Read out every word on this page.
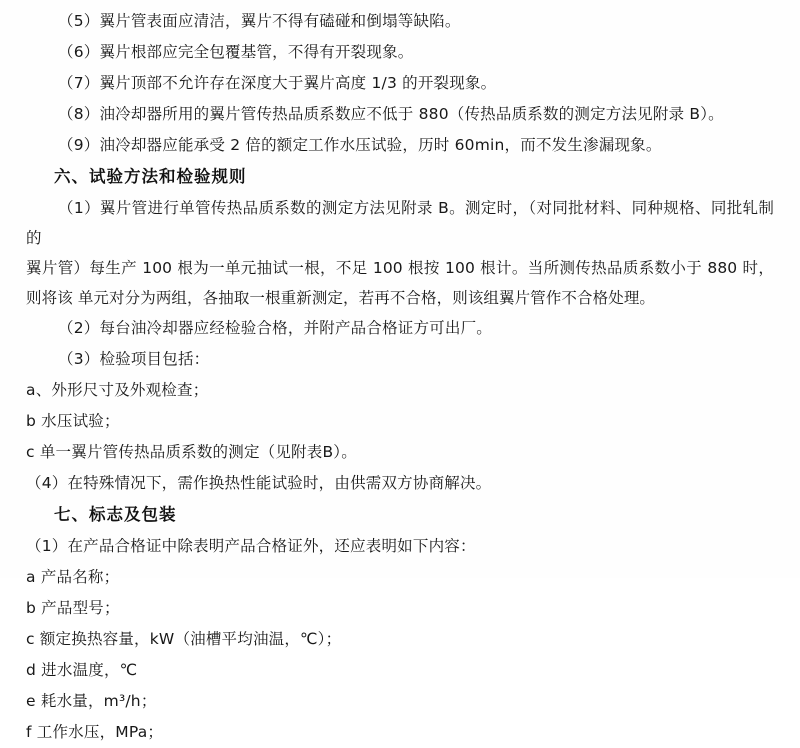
（5）翼片管表面应清洁，翼片不得有磕碰和倒塌等缺陷。
（6）翼片根部应完全包覆基管，不得有开裂现象。
（7）翼片顶部不允许存在深度大于翼片高度 1/3 的开裂现象。
（8）油冷却器所用的翼片管传热品质系数应不低于 880（传热品质系数的测定方法见附录 B）。
（9）油冷却器应能承受 2 倍的额定工作水压试验，历时 60min，而不发生渗漏现象。
六、试验方法和检验规则
（1）翼片管进行单管传热品质系数的测定方法见附录 B。测定时，（对同批材料、同种规格、同批轧制的
翼片管）每生产 100 根为一单元抽试一根，不足 100 根按 100 根计。当所测传热品质系数小于 880 时，则将该 单元对分为两组，各抽取一根重新测定，若再不合格，则该组翼片管作不合格处理。
（2）每台油冷却器应经检验合格，并附产品合格证方可出厂。
（3）检验项目包括：
a、外形尺寸及外观检查；
b 水压试验；
c 单一翼片管传热品质系数的测定（见附表B）。
（4）在特殊情况下，需作换热性能试验时，由供需双方协商解决。
七、标志及包装
（1）在产品合格证中除表明产品合格证外，还应表明如下内容：
a 产品名称；
b 产品型号；
c 额定换热容量，kW（油槽平均油温，℃）；
d 进水温度，℃
e 耗水量，m³/h；
f 工作水压，MPa；
